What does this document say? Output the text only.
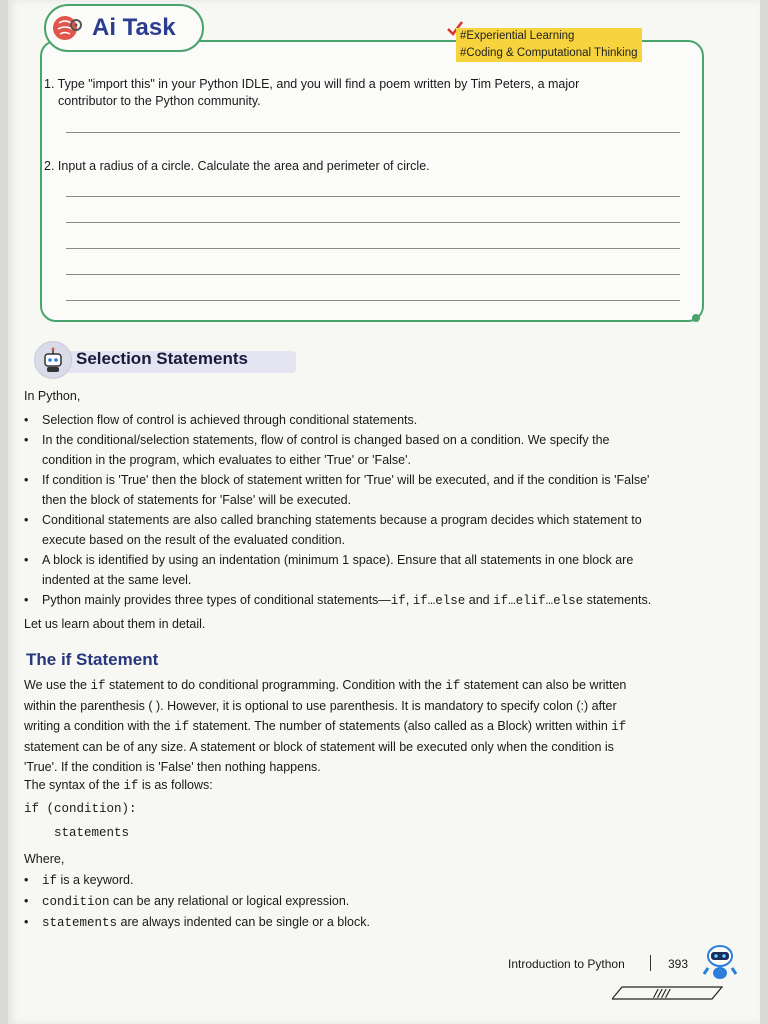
Ai Task	#Experiential Learning
#Coding & Computational Thinking
1. Type "import this" in your Python IDLE, and you will find a poem written by Tim Peters, a major
contributor to the Python community.
2. Input a radius of a circle. Calculate the area and perimeter of circle.
Selection Statements
In Python,
• Selection flow of control is achieved through conditional statements.
• In the conditional/selection statements, flow of control is changed based on a condition. We specify the
condition in the program, which evaluates to either 'True' or 'False'.
• If condition is 'True' then the block of statement written for 'True' will be executed, and if the condition is 'False'
then the block of statements for 'False' will be executed.
• Conditional statements are also called branching statements because a program decides which statement to
execute based on the result of the evaluated condition.
• A block is identified by using an indentation (minimum 1 space). Ensure that all statements in one block are
indented at the same level.
• Python mainly provides three types of conditional statements—if, if…else and if…elif…else statements.
Let us learn about them in detail.
The if Statement
We use the if statement to do conditional programming. Condition with the if statement can also be written
within the parenthesis ( ). However, it is optional to use parenthesis. It is mandatory to specify colon (:) after
writing a condition with the if statement. The number of statements (also called as a Block) written within if
statement can be of any size. A statement or block of statement will be executed only when the condition is
'True'. If the condition is 'False' then nothing happens.
The syntax of the if is as follows:
if (condition):
statements
Where,
• if is a keyword.
• condition can be any relational or logical expression.
• statements are always indented can be single or a block.
Introduction to Python	393
////
